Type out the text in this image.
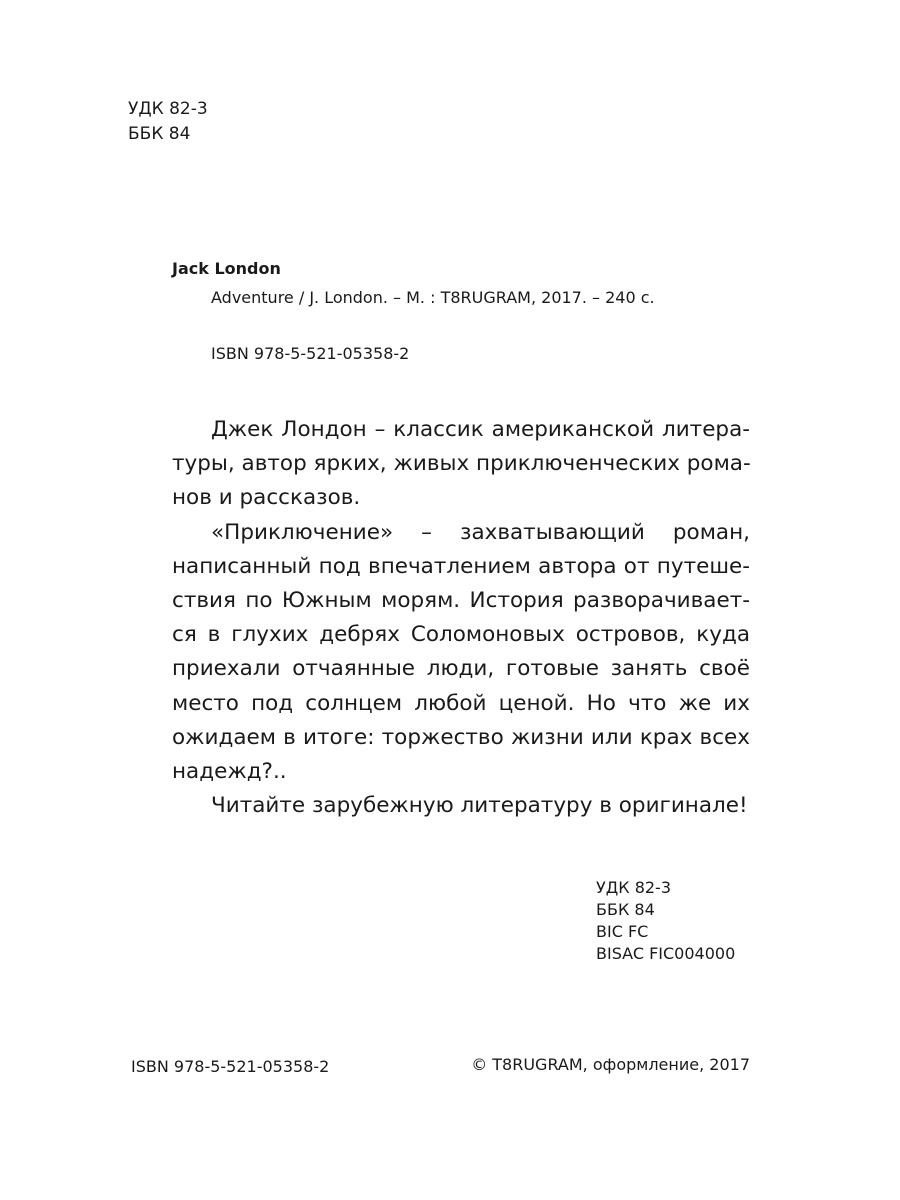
УДК 82-3
ББК 84
Jack London
Adventure / J. London. – M. : T8RUGRAM, 2017. – 240 c.
ISBN 978-5-521-05358-2

Джек Лондон – классик американской литера-
туры, автор ярких, живых приключенческих рома-
нов и рассказов.

«Приключение» – захватывающий роман,
написанный под впечатлением автора от путеше-
ствия по Южным морям. История разворачивает-
ся в глухих дебрях Соломоновых островов, куда
приехали отчаянные люди, готовые занять своё
место под солнцем любой ценой. Но что же их
ожидаем в итоге: торжество жизни или крах всех
надежд?..

Читайте зарубежную литературу в оригинале!

УДК 82-3
ББК 84
BIC FC
BISAC FIC004000
ISBN 978-5-521-05358-2	© T8RUGRAM, оформление, 2017
